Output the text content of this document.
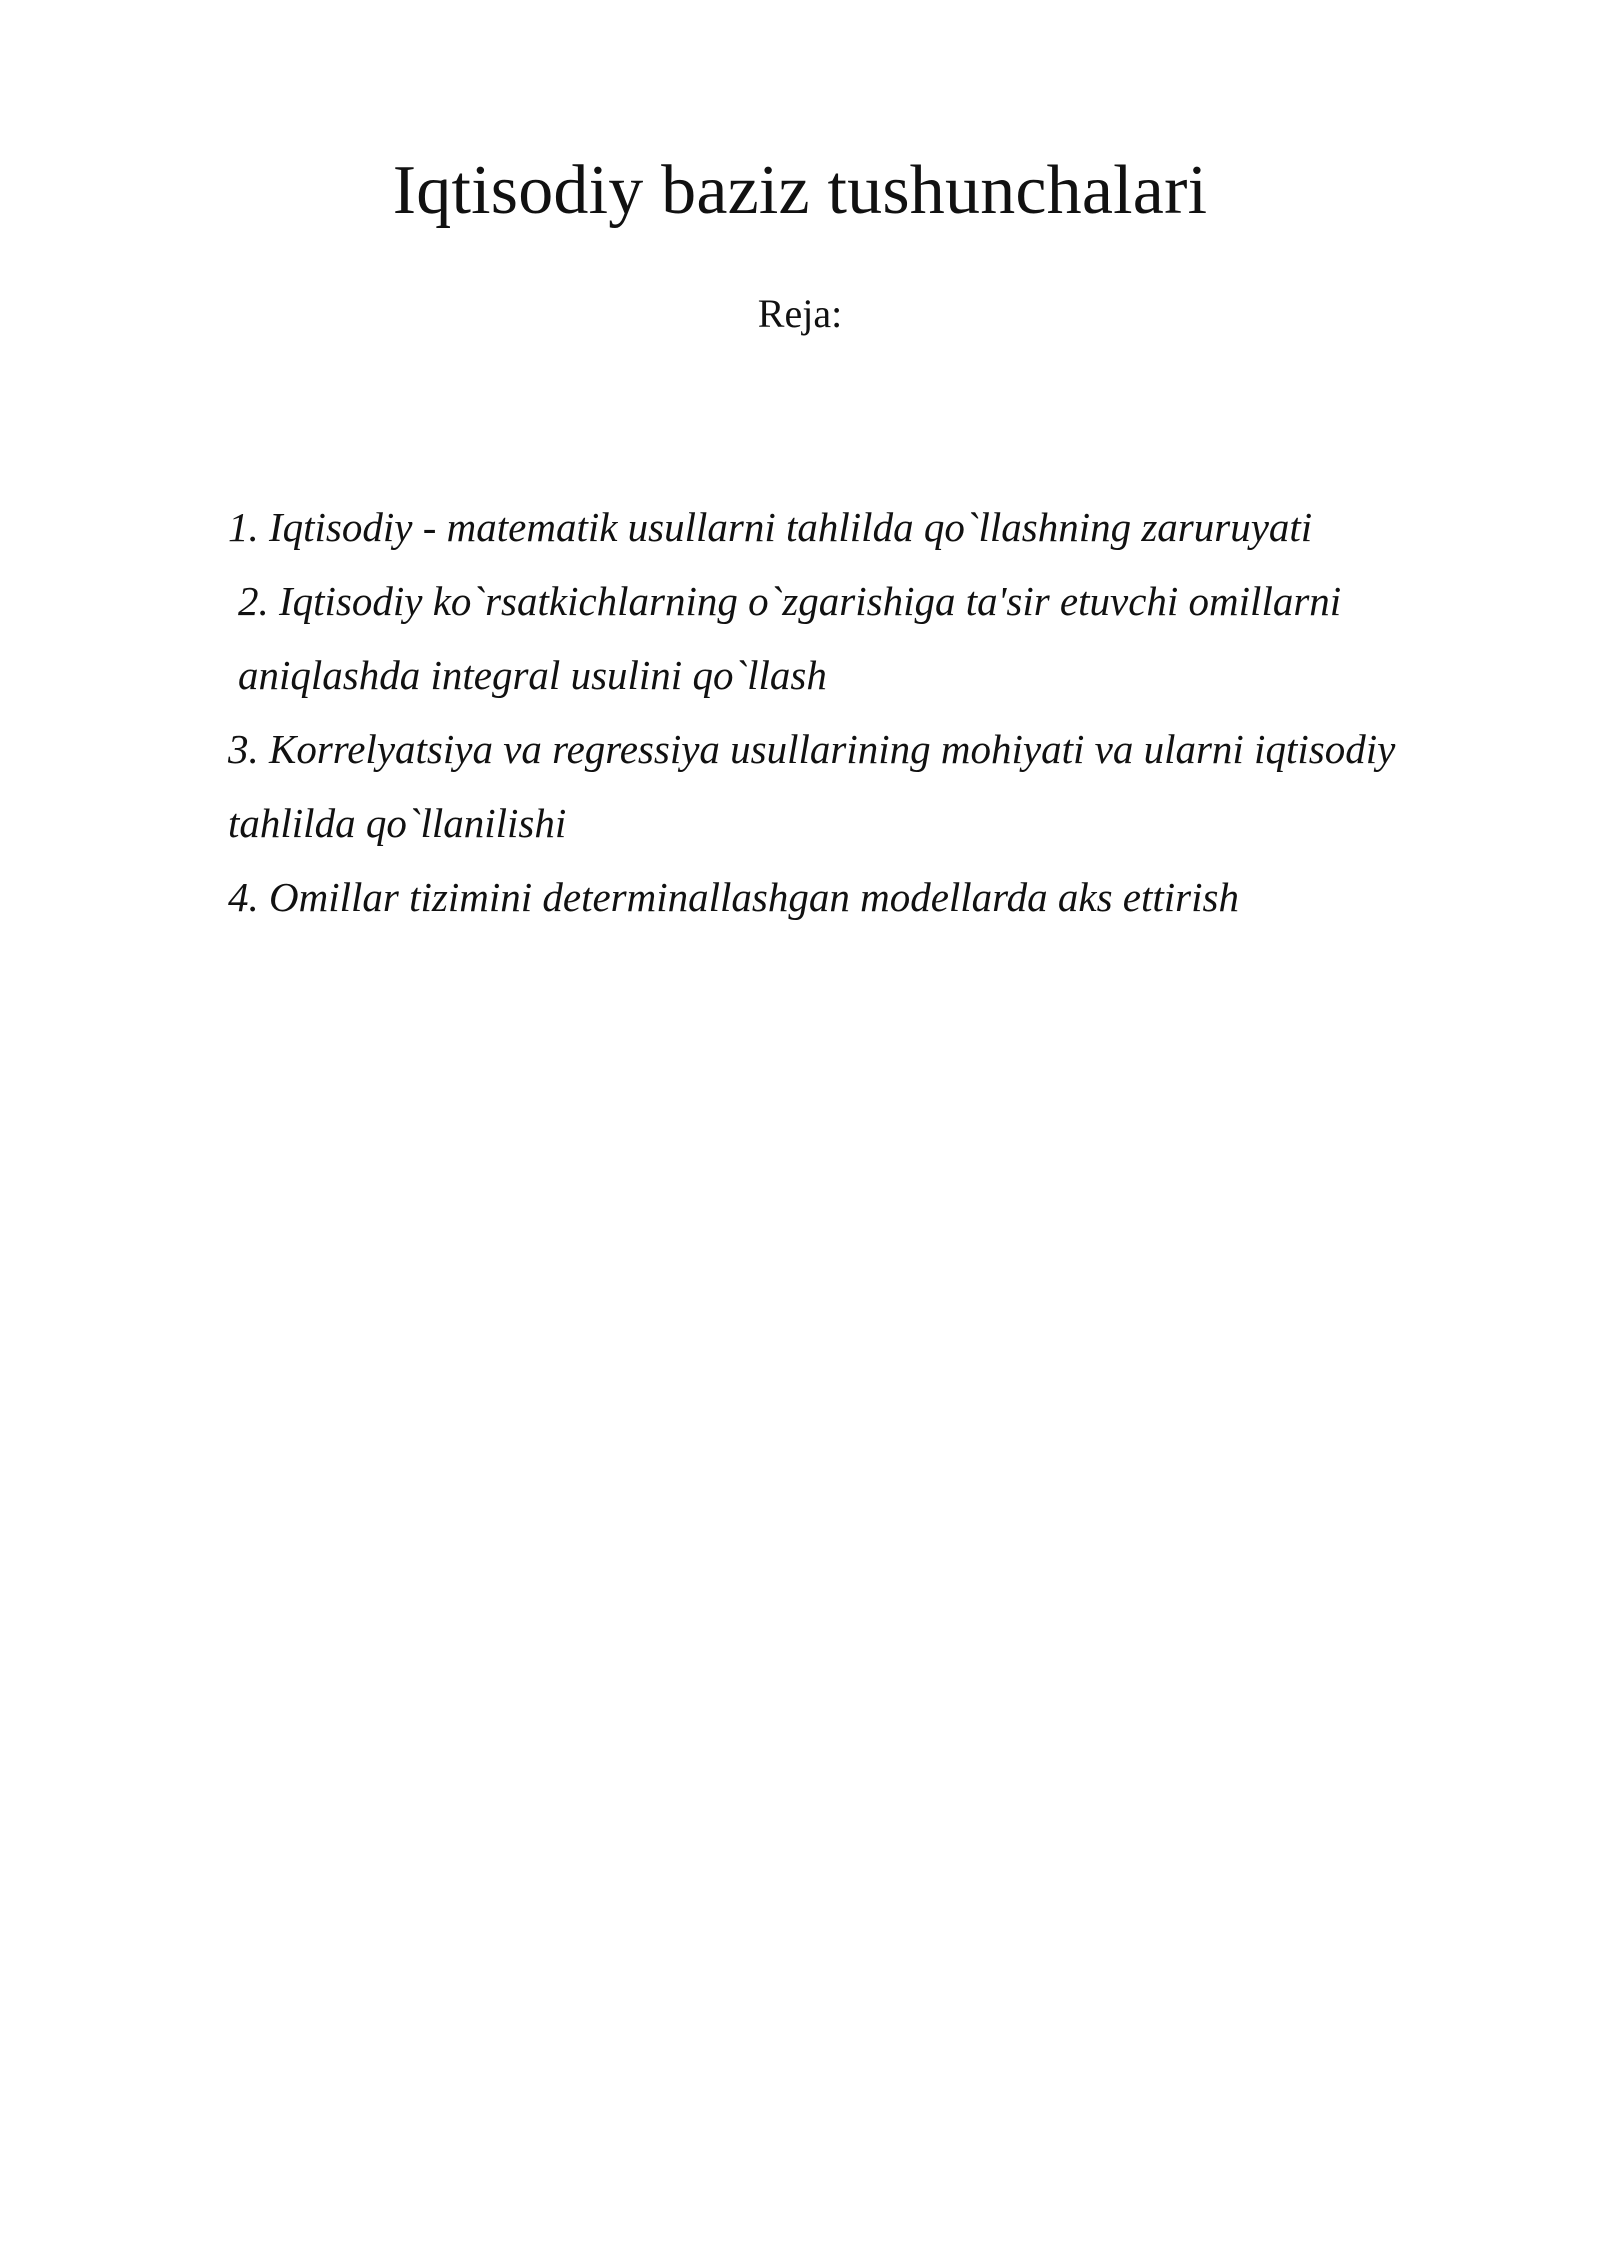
Iqtisodiy baziz tushunchalari
Reja:
1. Iqtisodiy - matematik usullarni tahlilda qo`llashning zaruruyati
2. Iqtisodiy ko`rsatkichlarning o`zgarishiga ta'sir etuvchi omillarni aniqlashda integral usulini qo`llash
3. Korrelyatsiya va regressiya usullarining mohiyati va ularni iqtisodiy tahlilda qo`llanilishi
4. Omillar tizimini determinallashgan modellarda aks ettirish
